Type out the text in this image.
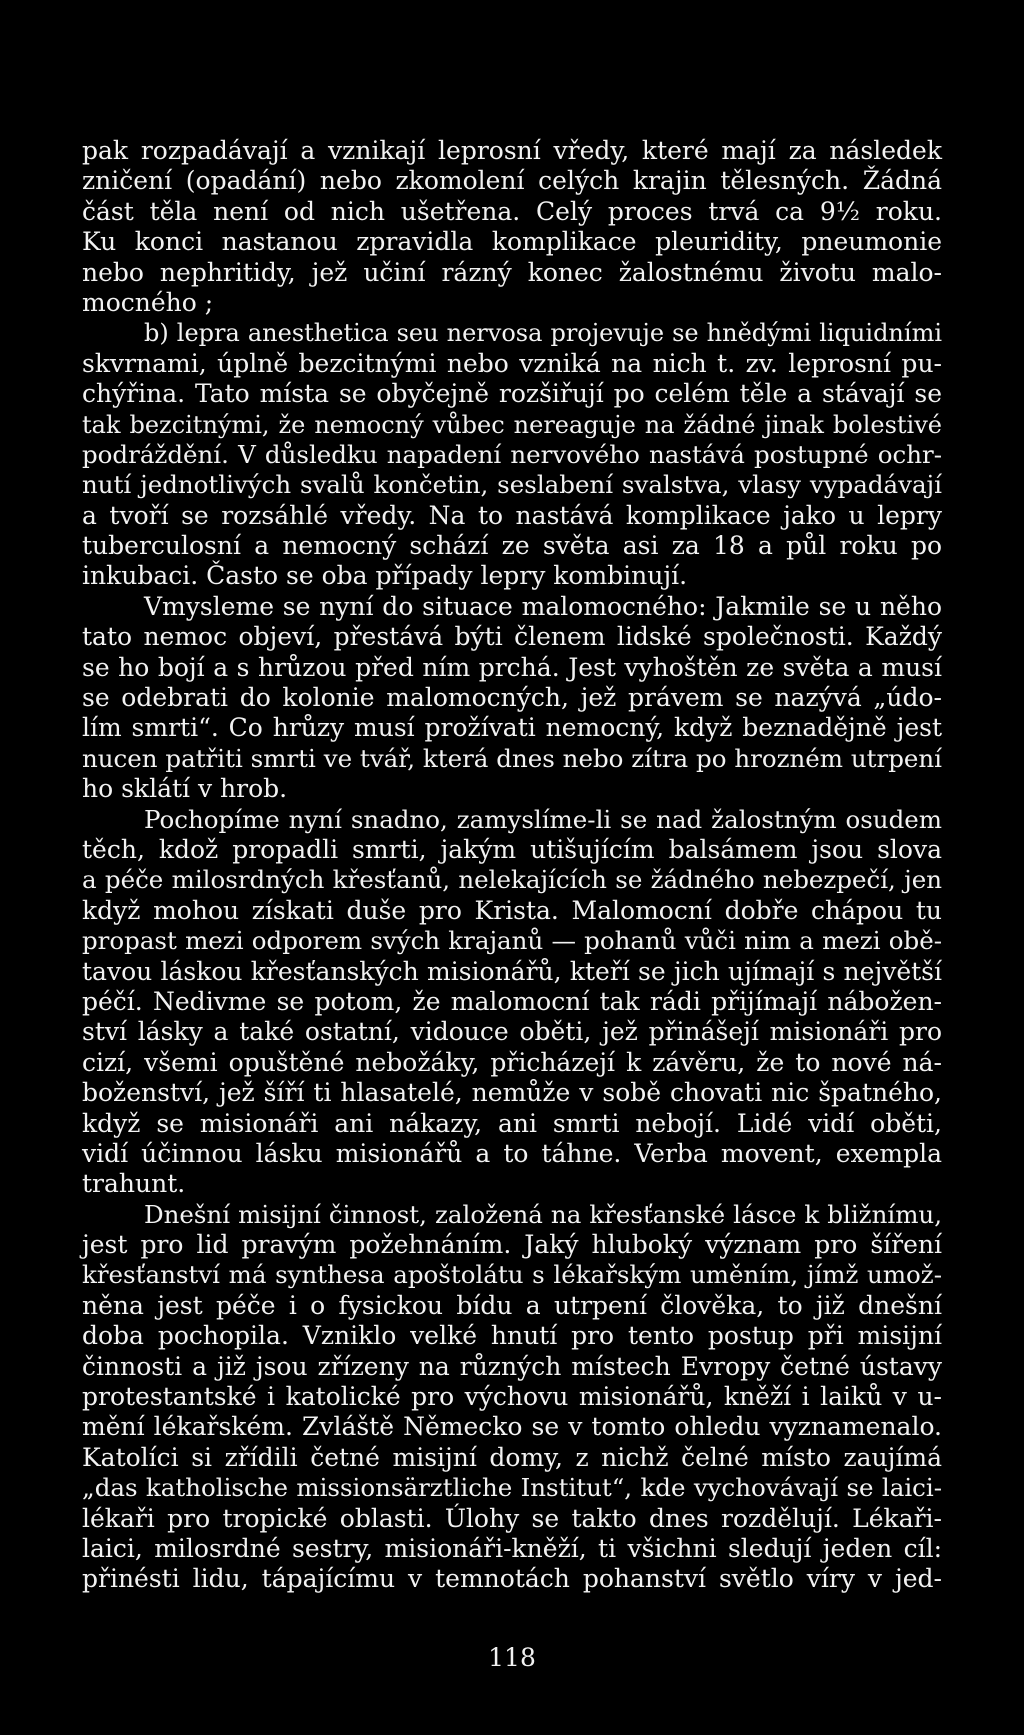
pak rozpadávají a vznikají leprosní vředy, které mají za následek
zničení (opadání) nebo zkomolení celých krajin tělesných. Žádná
část těla není od nich ušetřena. Celý proces trvá ca 9½ roku.
Ku konci nastanou zpravidla komplikace pleuridity, pneumonie
nebo nephritidy, jež učiní rázný konec žalostnému životu malo-
mocného ;
b) lepra anesthetica seu nervosa projevuje se hnědými liquidními
skvrnami, úplně bezcitnými nebo vzniká na nich t. zv. leprosní pu-
chýřina. Tato místa se obyčejně rozšiřují po celém těle a stávají se
tak bezcitnými, že nemocný vůbec nereaguje na žádné jinak bolestivé
podráždění. V důsledku napadení nervového nastává postupné ochr-
nutí jednotlivých svalů končetin, seslabení svalstva, vlasy vypadávají
a tvoří se rozsáhlé vředy. Na to nastává komplikace jako u lepry
tuberculosní a nemocný schází ze světa asi za 18 a půl roku po
inkubaci. Často se oba případy lepry kombinují.
Vmysleme se nyní do situace malomocného: Jakmile se u něho
tato nemoc objeví, přestává býti členem lidské společnosti. Každý
se ho bojí a s hrůzou před ním prchá. Jest vyhoštěn ze světa a musí
se odebrati do kolonie malomocných, jež právem se nazývá „údo-
lím smrti“. Co hrůzy musí prožívati nemocný, když beznadějně jest
nucen patřiti smrti ve tvář, která dnes nebo zítra po hrozném utrpení
ho sklátí v hrob.
Pochopíme nyní snadno, zamyslíme-li se nad žalostným osudem
těch, kdož propadli smrti, jakým utišujícím balsámem jsou slova
a péče milosrdných křesťanů, nelekajících se žádného nebezpečí, jen
když mohou získati duše pro Krista. Malomocní dobře chápou tu
propast mezi odporem svých krajanů — pohanů vůči nim a mezi obě-
tavou láskou křesťanských misionářů, kteří se jich ujímají s největší
péčí. Nedivme se potom, že malomocní tak rádi přijímají nábožen-
ství lásky a také ostatní, vidouce oběti, jež přinášejí misionáři pro
cizí, všemi opuštěné nebožáky, přicházejí k závěru, že to nové ná-
boženství, jež šíří ti hlasatelé, nemůže v sobě chovati nic špatného,
když se misionáři ani nákazy, ani smrti nebojí. Lidé vidí oběti,
vidí účinnou lásku misionářů a to táhne. Verba movent, exempla
trahunt.
Dnešní misijní činnost, založená na křesťanské lásce k bližnímu,
jest pro lid pravým požehnáním. Jaký hluboký význam pro šíření
křesťanství má synthesa apoštolátu s lékařským uměním, jímž umož-
něna jest péče i o fysickou bídu a utrpení člověka, to již dnešní
doba pochopila. Vzniklo velké hnutí pro tento postup při misijní
činnosti a již jsou zřízeny na různých místech Evropy četné ústavy
protestantské i katolické pro výchovu misionářů, kněží i laiků v u-
mění lékařském. Zvláště Německo se v tomto ohledu vyznamenalo.
Katolíci si zřídili četné misijní domy, z nichž čelné místo zaujímá
„das katholische missionsärztliche Institut“, kde vychovávají se laici-
lékaři pro tropické oblasti. Úlohy se takto dnes rozdělují. Lékaři-
laici, milosrdné sestry, misionáři-kněží, ti všichni sledují jeden cíl:
přinésti lidu, tápajícímu v temnotách pohanství světlo víry v jed-
118
